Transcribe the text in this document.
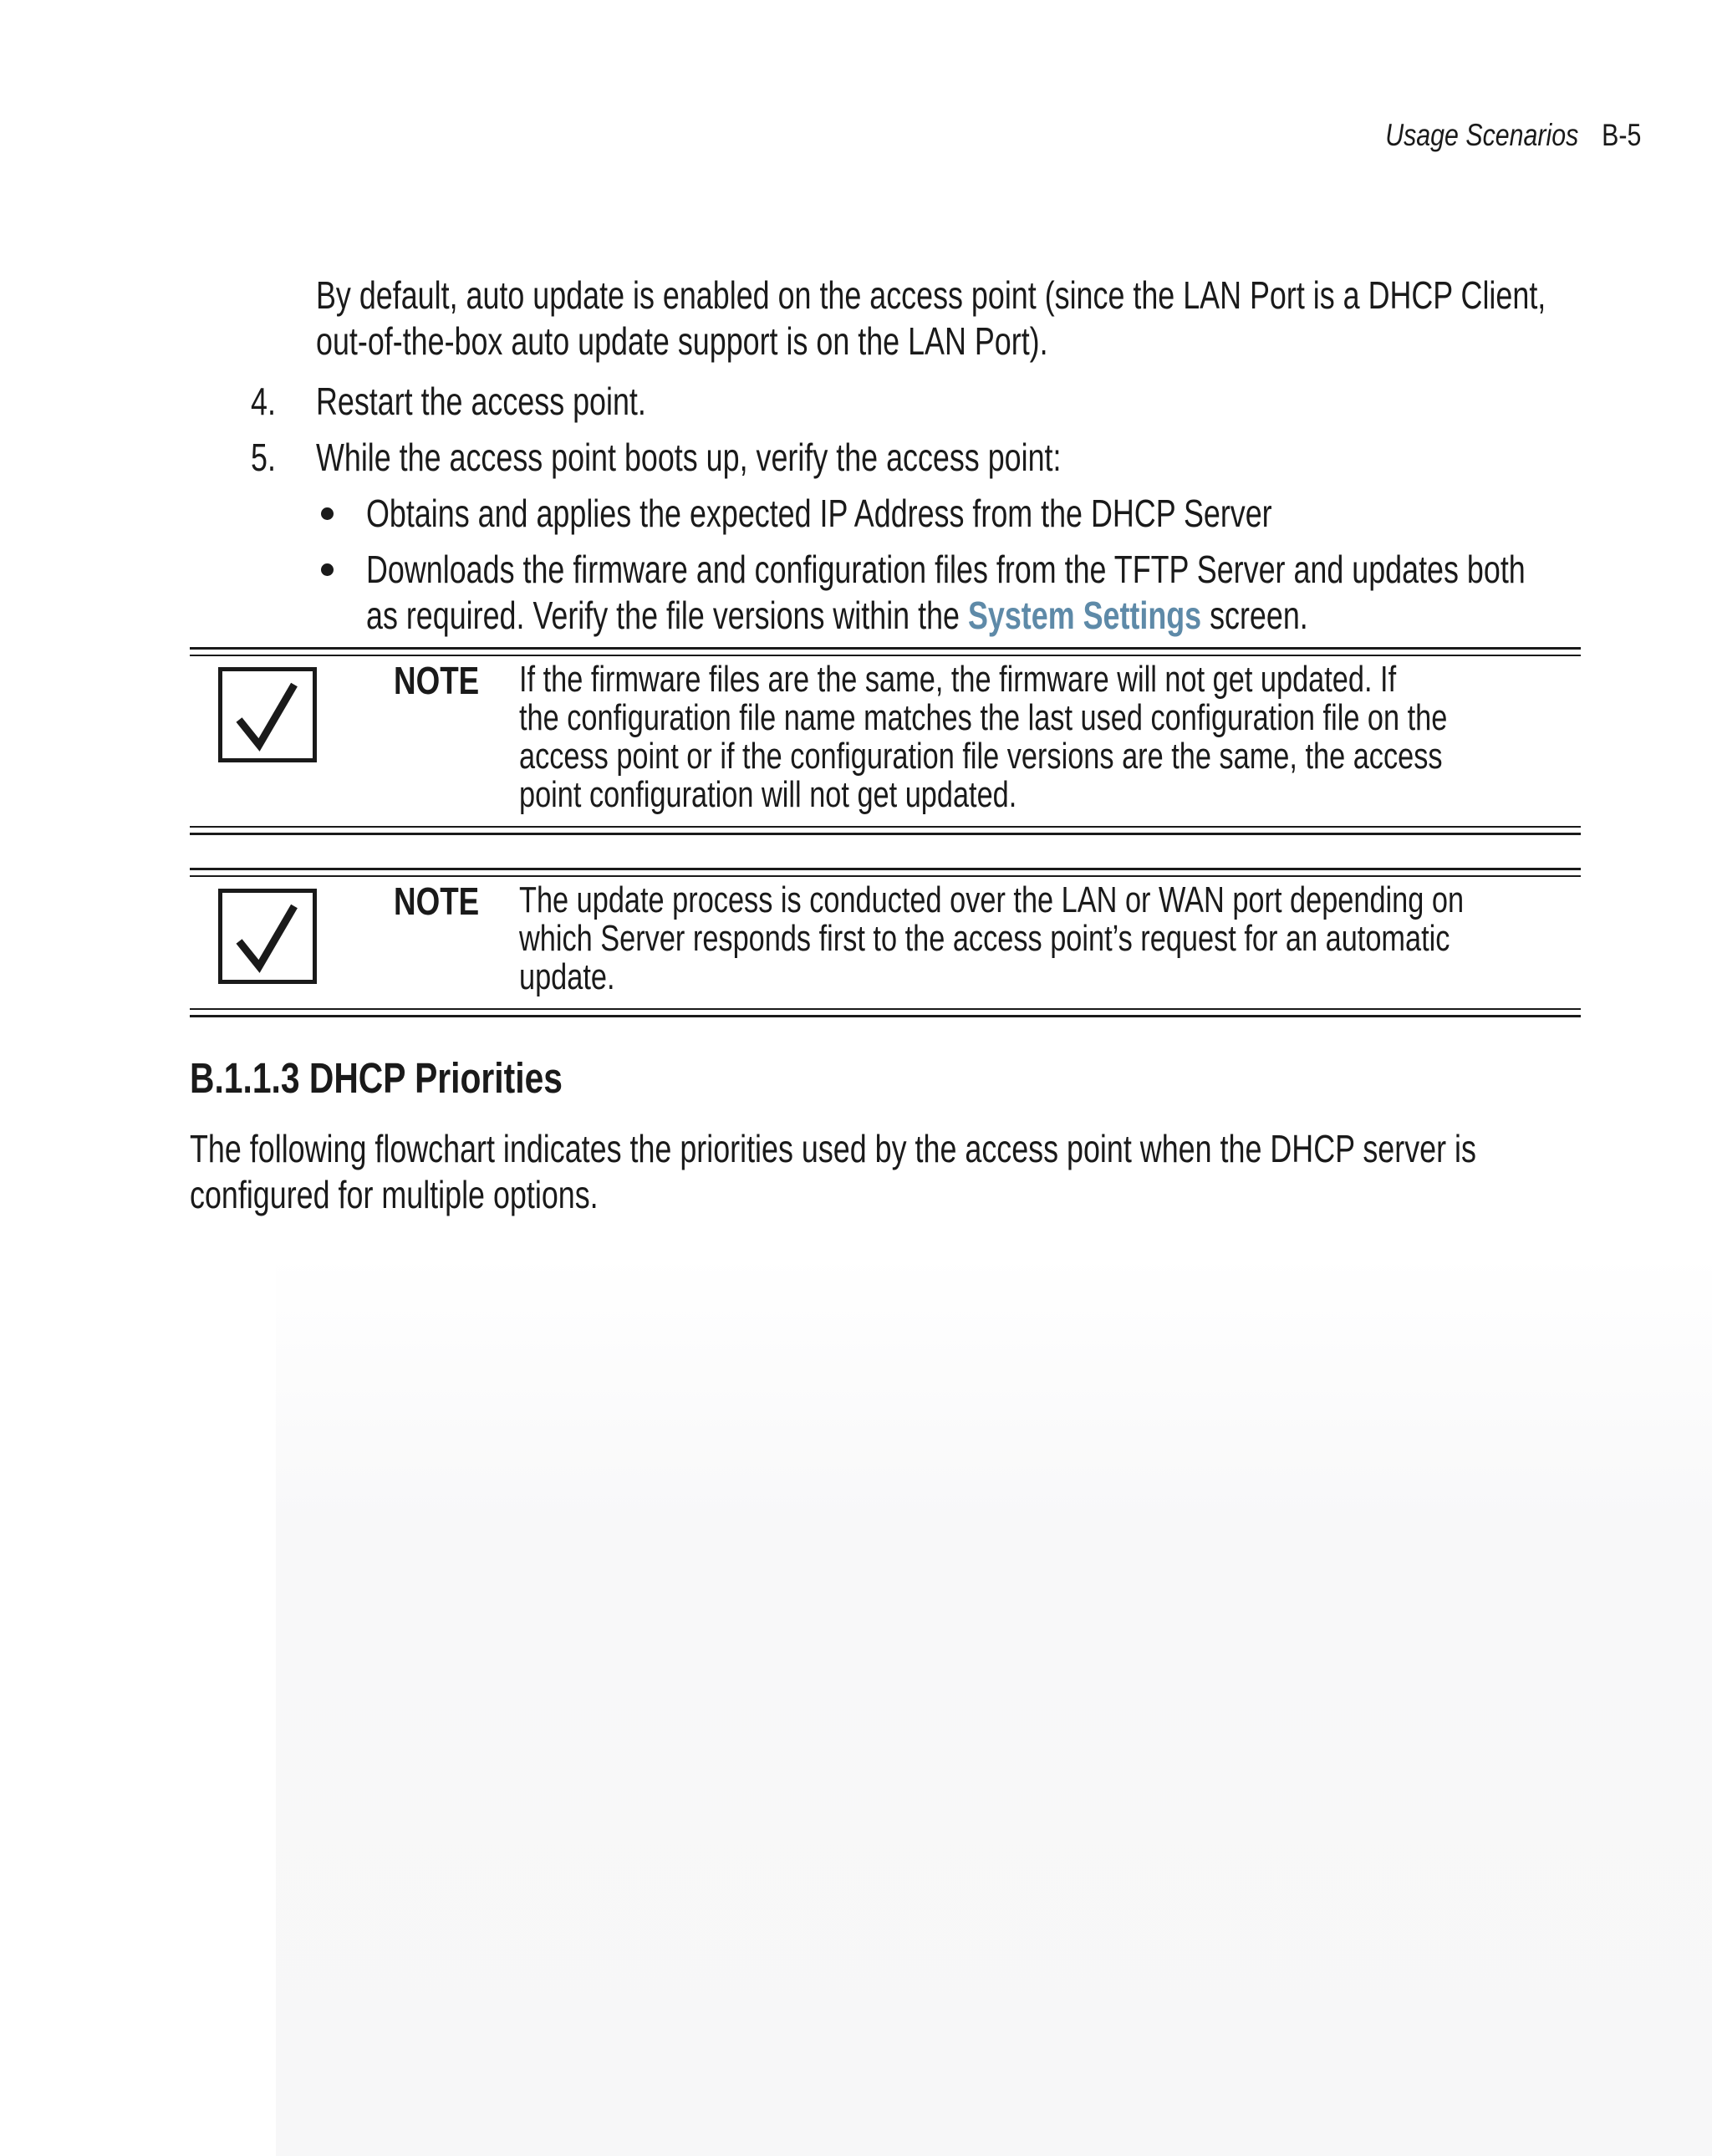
Usage Scenarios B-5
By default, auto update is enabled on the access point (since the LAN Port is a DHCP Client,
out-of-the-box auto update support is on the LAN Port).
4. Restart the access point.
5. While the access point boots up, verify the access point:
Obtains and applies the expected IP Address from the DHCP Server
Downloads the firmware and configuration files from the TFTP Server and updates both
as required. Verify the file versions within the System Settings screen.
NOTE If the firmware files are the same, the firmware will not get updated. If
the configuration file name matches the last used configuration file on the
access point or if the configuration file versions are the same, the access
point configuration will not get updated.
NOTE The update process is conducted over the LAN or WAN port depending on
which Server responds first to the access point’s request for an automatic
update.
B.1.1.3 DHCP Priorities
The following flowchart indicates the priorities used by the access point when the DHCP server is
configured for multiple options.
